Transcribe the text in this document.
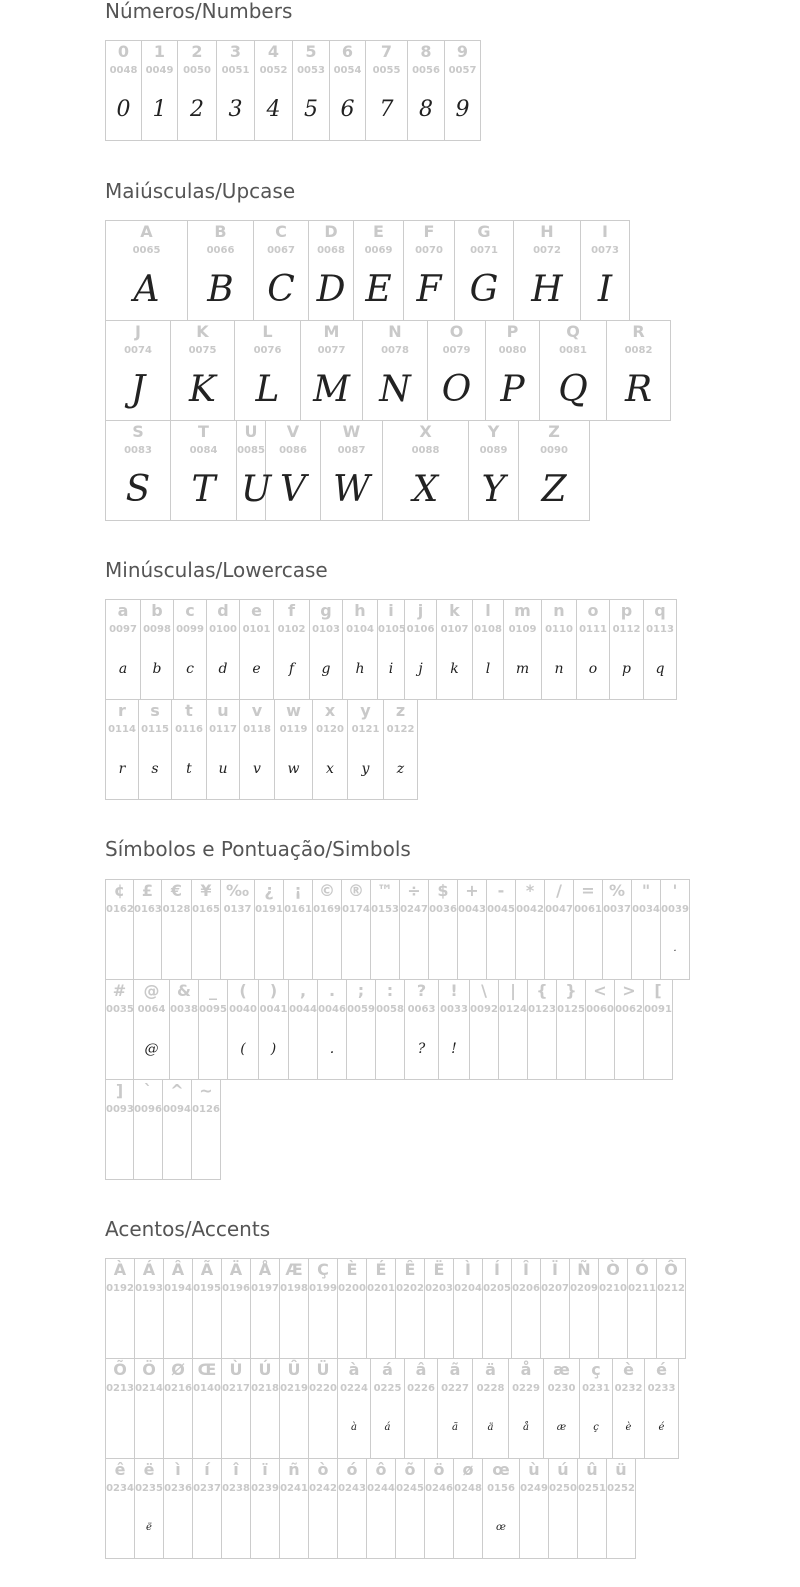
Números/Numbers
0
0048
0
1
0049
1
2
0050
2
3
0051
3
4
0052
4
5
0053
5
6
0054
6
7
0055
7
8
0056
8
9
0057
9
Maiúsculas/Upcase
A
0065
A
B
0066
B
C
0067
C
D
0068
D
E
0069
E
F
0070
F
G
0071
G
H
0072
H
I
0073
I
J
0074
J
K
0075
K
L
0076
L
M
0077
M
N
0078
N
O
0079
O
P
0080
P
Q
0081
Q
R
0082
R
S
0083
S
T
0084
T
U
0085
U
V
0086
V
W
0087
W
X
0088
X
Y
0089
Y
Z
0090
Z
Minúsculas/Lowercase
a
0097
a
b
0098
b
c
0099
c
d
0100
d
e
0101
e
f
0102
f
g
0103
g
h
0104
h
i
0105
i
j
0106
j
k
0107
k
l
0108
l
m
0109
m
n
0110
n
o
0111
o
p
0112
p
q
0113
q
r
0114
r
s
0115
s
t
0116
t
u
0117
u
v
0118
v
w
0119
w
x
0120
x
y
0121
y
z
0122
z
Símbolos e Pontuação/Simbols
¢
0162
£
0163
€
0128
¥
0165
‰
0137
¿
0191
¡
0161
©
0169
®
0174
™
0153
÷
0247
$
0036
+
0043
-
0045
*
0042
/
0047
=
0061
%
0037
"
0034
'
0039
.
#
0035
@
0064
@
&
0038
_
0095
(
0040
(
)
0041
)
,
0044
.
0046
.
;
0059
:
0058
?
0063
?
!
0033
!
\
0092
|
0124
{
0123
}
0125
<
0060
>
0062
[
0091
]
0093
`
0096
^
0094
~
0126
Acentos/Accents
À
0192
Á
0193
Â
0194
Ã
0195
Ä
0196
Å
0197
Æ
0198
Ç
0199
È
0200
É
0201
Ê
0202
Ë
0203
Ì
0204
Í
0205
Î
0206
Ï
0207
Ñ
0209
Ò
0210
Ó
0211
Ô
0212
Õ
0213
Ö
0214
Ø
0216
Œ
0140
Ù
0217
Ú
0218
Û
0219
Ü
0220
à
0224
à
á
0225
á
â
0226
ã
0227
ã
ä
0228
ä
å
0229
å
æ
0230
æ
ç
0231
ç
è
0232
è
é
0233
é
ê
0234
ë
0235
ë
ì
0236
í
0237
î
0238
ï
0239
ñ
0241
ò
0242
ó
0243
ô
0244
õ
0245
ö
0246
ø
0248
œ
0156
œ
ù
0249
ú
0250
û
0251
ü
0252
